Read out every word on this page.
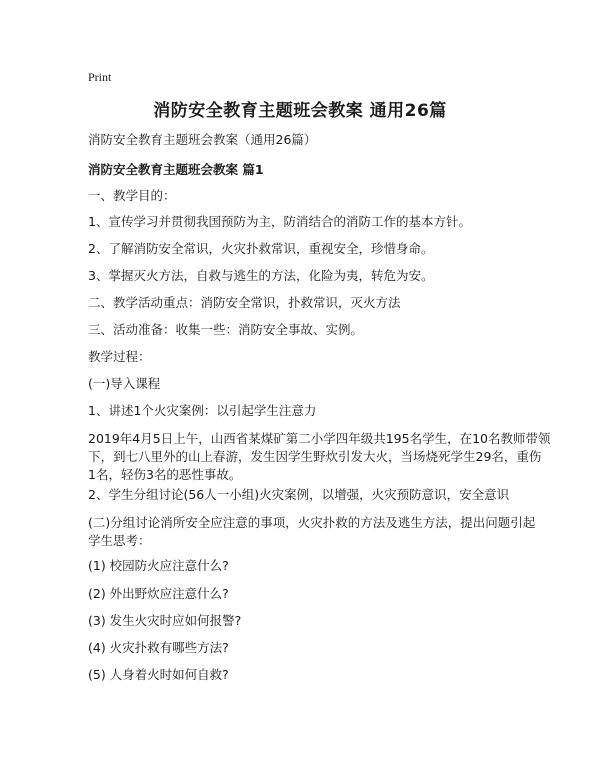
Print
消防安全教育主题班会教案 通用26篇
消防安全教育主题班会教案（通用26篇）
消防安全教育主题班会教案 篇1
一、教学目的：
1、宣传学习并贯彻我国预防为主，防消结合的消防工作的基本方针。
2、了解消防安全常识，火灾扑救常识，重视安全，珍惜身命。
3、掌握灭火方法，自救与逃生的方法，化险为夷，转危为安。
二、教学活动重点：消防安全常识，扑救常识，灭火方法
三、活动准备：收集一些：消防安全事故、实例。
教学过程：
(一)导入课程
1、讲述1个火灾案例：以引起学生注意力
2019年4月5日上午，山西省某煤矿第二小学四年级共195名学生，在10名教师带领
下，到七八里外的山上春游，发生因学生野炊引发大火，当场烧死学生29名，重伤
1名，轻伤3名的恶性事故。
2、学生分组讨论(56人一小组)火灾案例，以增强，火灾预防意识，安全意识
(二)分组讨论消所安全应注意的事项，火灾扑救的方法及逃生方法，提出问题引起
学生思考：
(1) 校园防火应注意什么?
(2) 外出野炊应注意什么?
(3) 发生火灾时应如何报警?
(4) 火灾扑救有哪些方法?
(5) 人身着火时如何自救?
